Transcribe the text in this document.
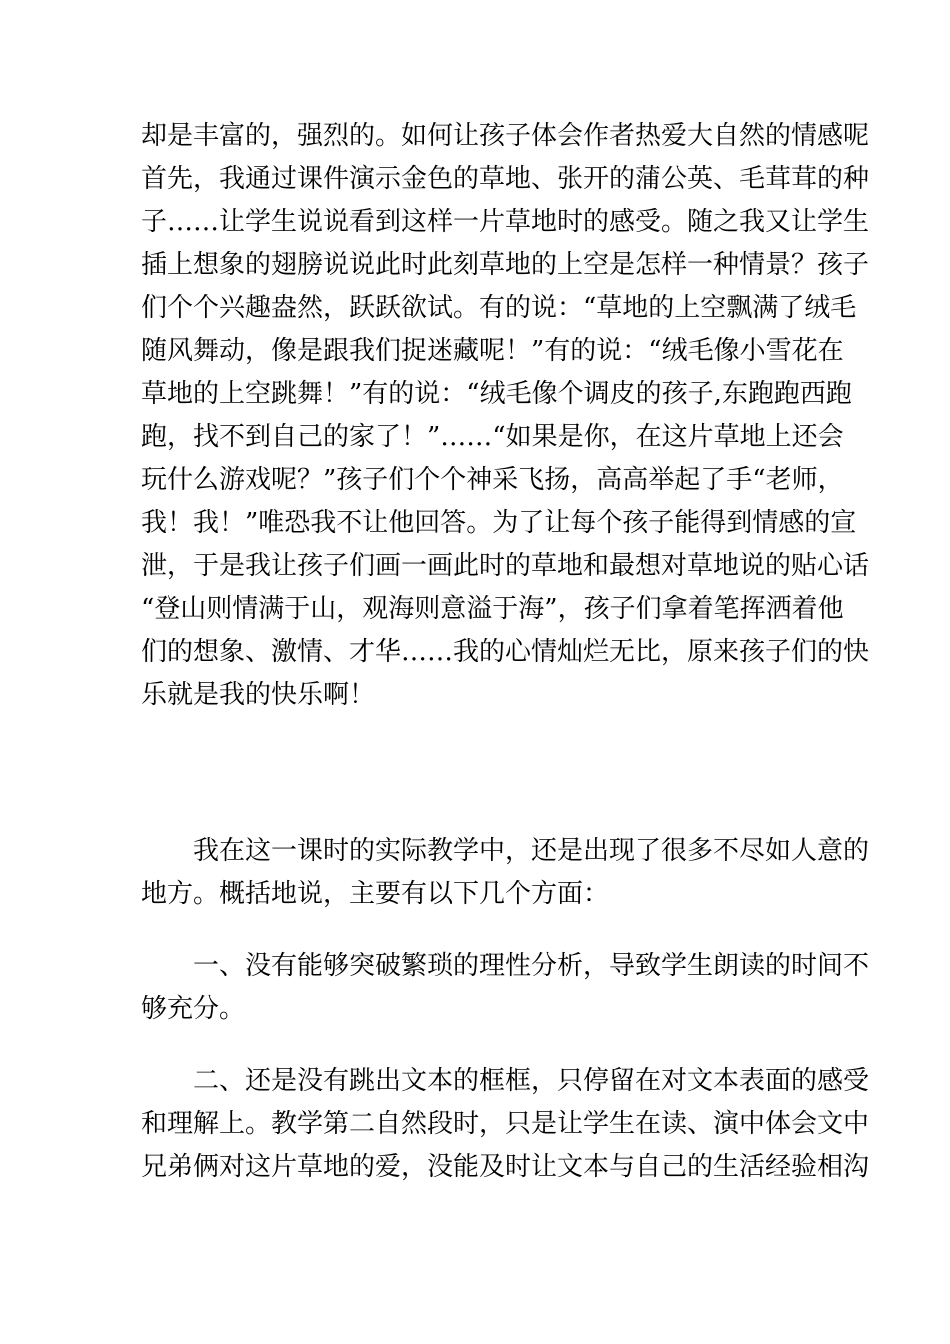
却是丰富的，强烈的。如何让孩子体会作者热爱大自然的情感呢
首先，我通过课件演示金色的草地、张开的蒲公英、毛茸茸的种
子……让学生说说看到这样一片草地时的感受。随之我又让学生
插上想象的翅膀说说此时此刻草地的上空是怎样一种情景？孩子
们个个兴趣盎然，跃跃欲试。有的说：“草地的上空飘满了绒毛
随风舞动，像是跟我们捉迷藏呢！”有的说：“绒毛像小雪花在
草地的上空跳舞！”有的说：“绒毛像个调皮的孩子,东跑跑西跑
跑，找不到自己的家了！”……“如果是你，在这片草地上还会
玩什么游戏呢？”孩子们个个神采飞扬，高高举起了手“老师，
我！我！”唯恐我不让他回答。为了让每个孩子能得到情感的宣
泄，于是我让孩子们画一画此时的草地和最想对草地说的贴心话
“登山则情满于山，观海则意溢于海”，孩子们拿着笔挥洒着他
们的想象、激情、才华……我的心情灿烂无比，原来孩子们的快
乐就是我的快乐啊！
　　我在这一课时的实际教学中，还是出现了很多不尽如人意的
地方。概括地说，主要有以下几个方面：
　　一、没有能够突破繁琐的理性分析，导致学生朗读的时间不
够充分。
　　二、还是没有跳出文本的框框，只停留在对文本表面的感受
和理解上。教学第二自然段时，只是让学生在读、演中体会文中
兄弟俩对这片草地的爱，没能及时让文本与自己的生活经验相沟
